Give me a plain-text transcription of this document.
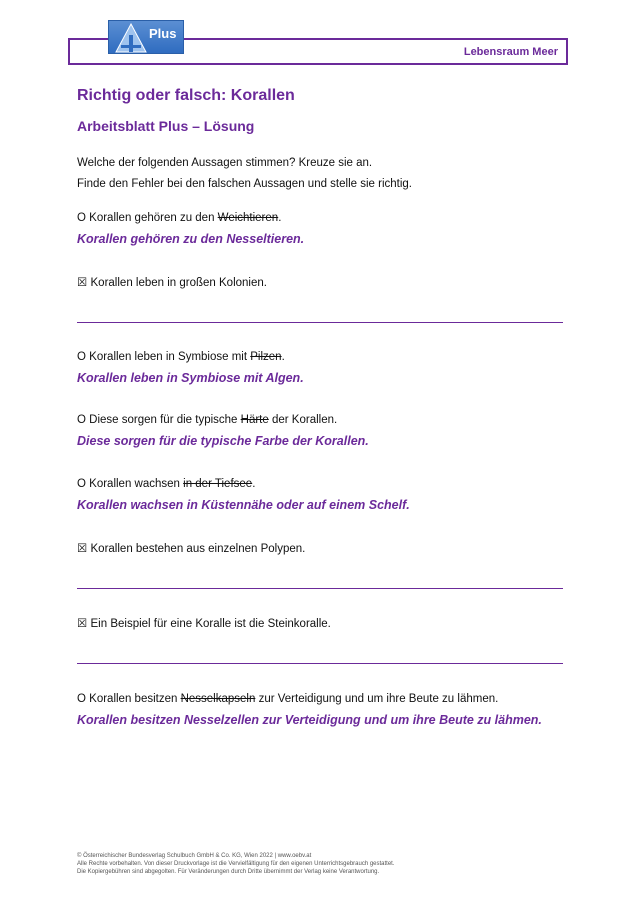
Lebensraum Meer
Plus
Richtig oder falsch: Korallen
Arbeitsblatt Plus – Lösung
Welche der folgenden Aussagen stimmen? Kreuze sie an.
Finde den Fehler bei den falschen Aussagen und stelle sie richtig.
O Korallen gehören zu den Weichtieren.
Korallen gehören zu den Nesseltieren.
☒ Korallen leben in großen Kolonien.
O Korallen leben in Symbiose mit Pilzen.
Korallen leben in Symbiose mit Algen.
O Diese sorgen für die typische Härte der Korallen.
Diese sorgen für die typische Farbe der Korallen.
O Korallen wachsen in der Tiefsee.
Korallen wachsen in Küstennähe oder auf einem Schelf.
☒ Korallen bestehen aus einzelnen Polypen.
☒ Ein Beispiel für eine Koralle ist die Steinkoralle.
O Korallen besitzen Nesselkapseln zur Verteidigung und um ihre Beute zu lähmen.
Korallen besitzen Nesselzellen zur Verteidigung und um ihre Beute zu lähmen.
© Österreichischer Bundesverlag Schulbuch GmbH & Co. KG, Wien 2022 | www.oebv.at
Alle Rechte vorbehalten. Von dieser Druckvorlage ist die Vervielfältigung für den eigenen Unterrichtsgebrauch gestattet.
Die Kopiergebühren sind abgegolten. Für Veränderungen durch Dritte übernimmt der Verlag keine Verantwortung.
